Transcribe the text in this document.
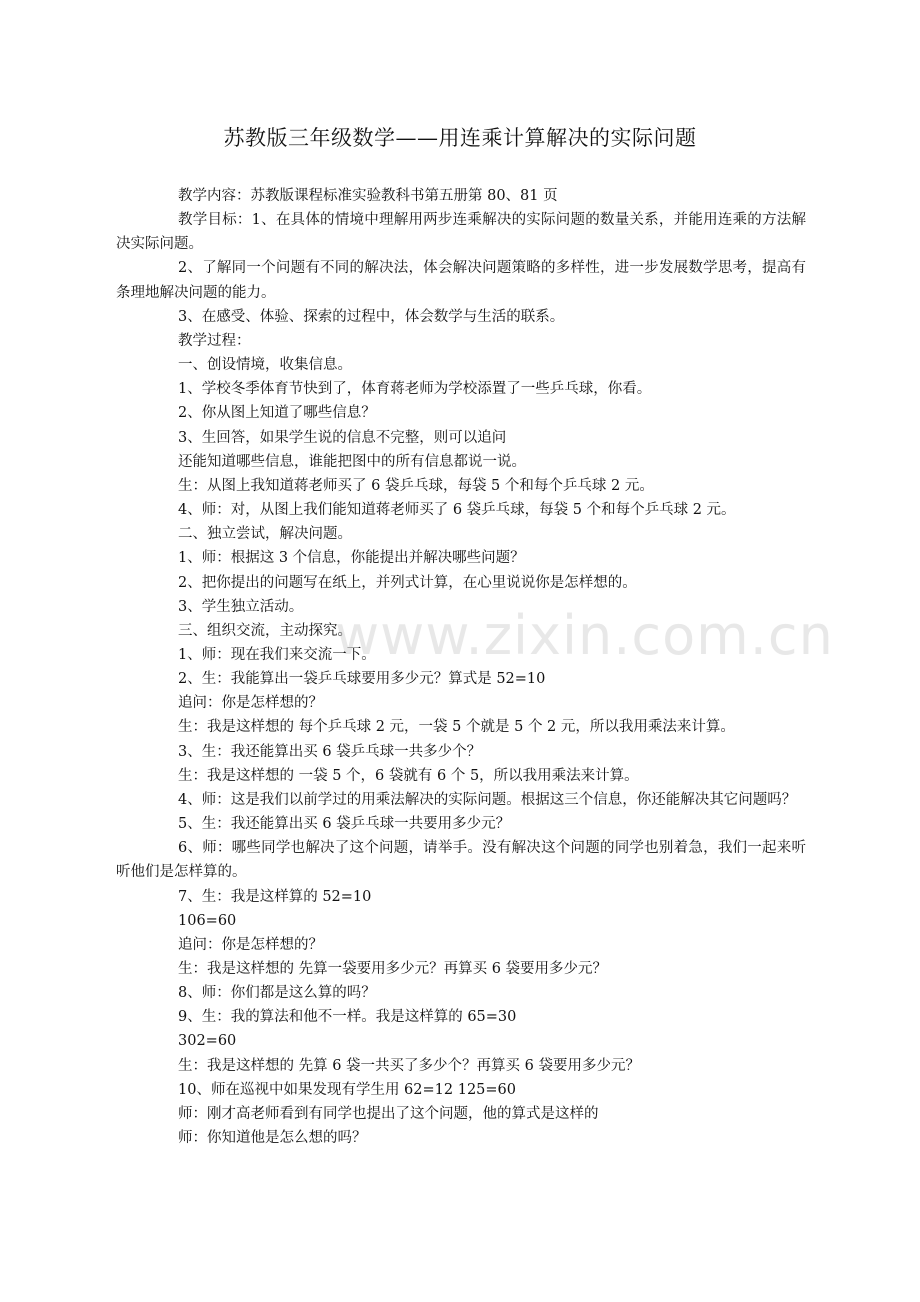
苏教版三年级数学——用连乘计算解决的实际问题

教学内容：苏教版课程标准实验教科书第五册第 80、81 页

教学目标：1、在具体的情境中理解用两步连乘解决的实际问题的数量关系，并能用连乘的方法解决实际问题。

2、了解同一个问题有不同的解决法，体会解决问题策略的多样性，进一步发展数学思考，提高有条理地解决问题的能力。

3、在感受、体验、探索的过程中，体会数学与生活的联系。

教学过程：

一、创设情境，收集信息。

1、学校冬季体育节快到了，体育蒋老师为学校添置了一些乒乓球，你看。

2、你从图上知道了哪些信息？

3、生回答，如果学生说的信息不完整，则可以追问

还能知道哪些信息，谁能把图中的所有信息都说一说。

生：从图上我知道蒋老师买了 6 袋乒乓球，每袋 5 个和每个乒乓球 2 元。

4、师：对，从图上我们能知道蒋老师买了 6 袋乒乓球，每袋 5 个和每个乒乓球 2 元。

二、独立尝试，解决问题。

1、师：根据这 3 个信息，你能提出并解决哪些问题？

2、把你提出的问题写在纸上，并列式计算，在心里说说你是怎样想的。

3、学生独立活动。

三、组织交流，主动探究。

1、师：现在我们来交流一下。

2、生：我能算出一袋乒乓球要用多少元？算式是 52=10

追问：你是怎样想的？

生：我是这样想的 每个乒乓球 2 元，一袋 5 个就是 5 个 2 元，所以我用乘法来计算。

3、生：我还能算出买 6 袋乒乓球一共多少个？

生：我是这样想的 一袋 5 个，6 袋就有 6 个 5，所以我用乘法来计算。

4、师：这是我们以前学过的用乘法解决的实际问题。根据这三个信息，你还能解决其它问题吗？

5、生：我还能算出买 6 袋乒乓球一共要用多少元？

6、师：哪些同学也解决了这个问题，请举手。没有解决这个问题的同学也别着急，我们一起来听听他们是怎样算的。

7、生：我是这样算的 52=10

106=60

追问：你是怎样想的？

生：我是这样想的 先算一袋要用多少元？再算买 6 袋要用多少元？

8、师：你们都是这么算的吗？

9、生：我的算法和他不一样。我是这样算的 65=30

302=60

生：我是这样想的 先算 6 袋一共买了多少个？再算买 6 袋要用多少元？

10、师在巡视中如果发现有学生用 62=12 125=60

师：刚才高老师看到有同学也提出了这个问题，他的算式是这样的

师：你知道他是怎么想的吗？

www.zixin.com.cn
